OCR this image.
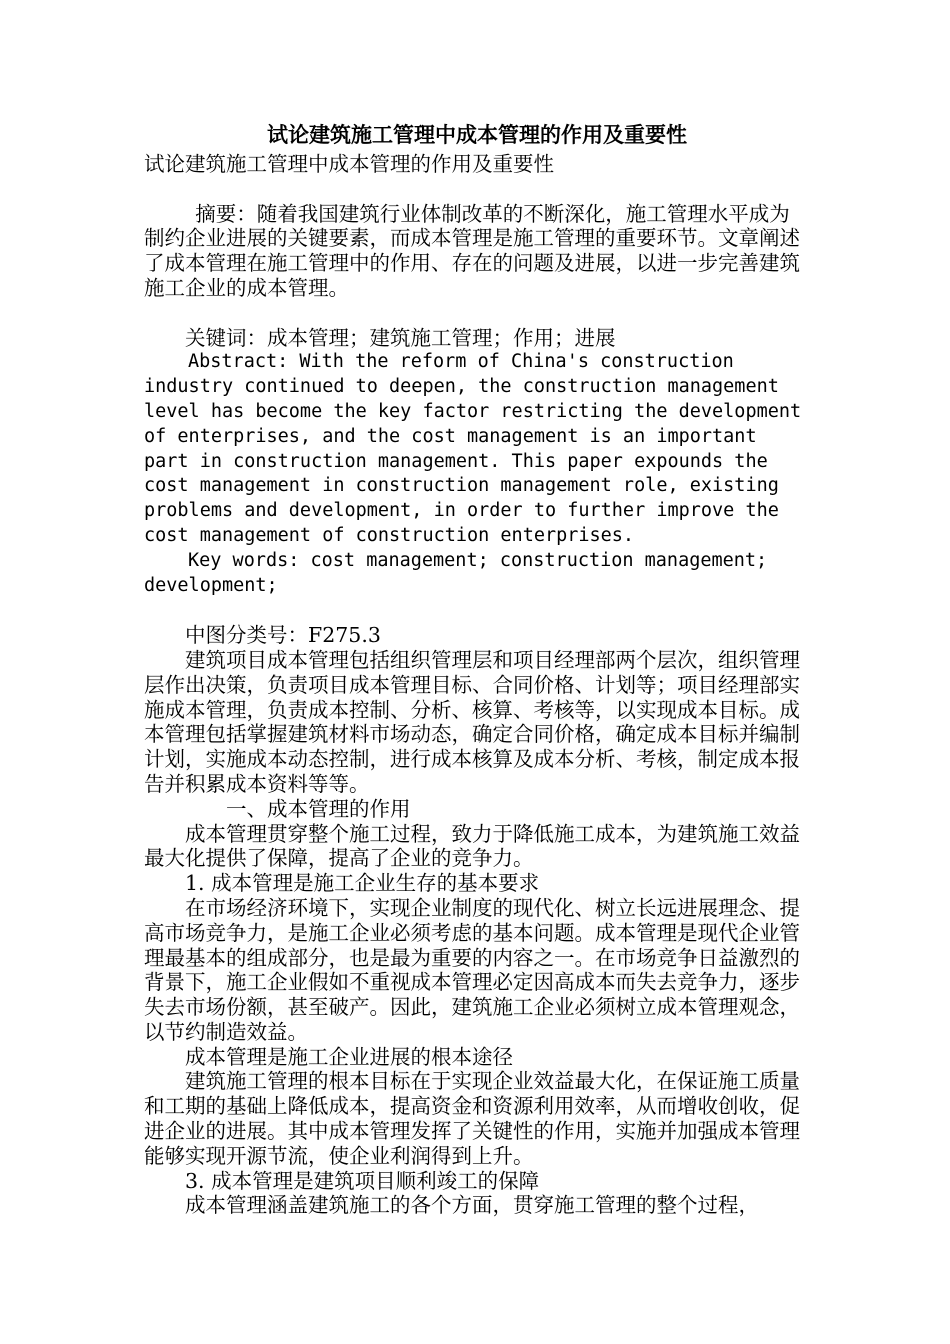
试论建筑施工管理中成本管理的作用及重要性

试论建筑施工管理中成本管理的作用及重要性

摘要：随着我国建筑行业体制改革的不断深化，施工管理水平成为制约企业进展的关键要素，而成本管理是施工管理的重要环节。文章阐述了成本管理在施工管理中的作用、存在的问题及进展，以进一步完善建筑施工企业的成本管理。

关键词：成本管理；建筑施工管理；作用；进展

Abstract: With the reform of China's construction industry continued to deepen, the construction management level has become the key factor restricting the development of enterprises, and the cost management is an important part in construction management. This paper expounds the cost management in construction management role, existing problems and development, in order to further improve the cost management of construction enterprises.

Key words: cost management; construction management; development;

中图分类号：F275.3

建筑项目成本管理包括组织管理层和项目经理部两个层次，组织管理层作出决策，负责项目成本管理目标、合同价格、计划等；项目经理部实施成本管理，负责成本控制、分析、核算、考核等，以实现成本目标。成本管理包括掌握建筑材料市场动态，确定合同价格，确定成本目标并编制计划，实施成本动态控制，进行成本核算及成本分析、考核，制定成本报告并积累成本资料等等。

一、成本管理的作用

成本管理贯穿整个施工过程，致力于降低施工成本，为建筑施工效益最大化提供了保障，提高了企业的竞争力。

1. 成本管理是施工企业生存的基本要求

在市场经济环境下，实现企业制度的现代化、树立长远进展理念、提高市场竞争力，是施工企业必须考虑的基本问题。成本管理是现代企业管理最基本的组成部分，也是最为重要的内容之一。在市场竞争日益激烈的背景下，施工企业假如不重视成本管理必定因高成本而失去竞争力，逐步失去市场份额，甚至破产。因此，建筑施工企业必须树立成本管理观念，以节约制造效益。

成本管理是施工企业进展的根本途径

建筑施工管理的根本目标在于实现企业效益最大化，在保证施工质量和工期的基础上降低成本，提高资金和资源利用效率，从而增收创收，促进企业的进展。其中成本管理发挥了关键性的作用，实施并加强成本管理能够实现开源节流，使企业利润得到上升。

3. 成本管理是建筑项目顺利竣工的保障

成本管理涵盖建筑施工的各个方面，贯穿施工管理的整个过程，
